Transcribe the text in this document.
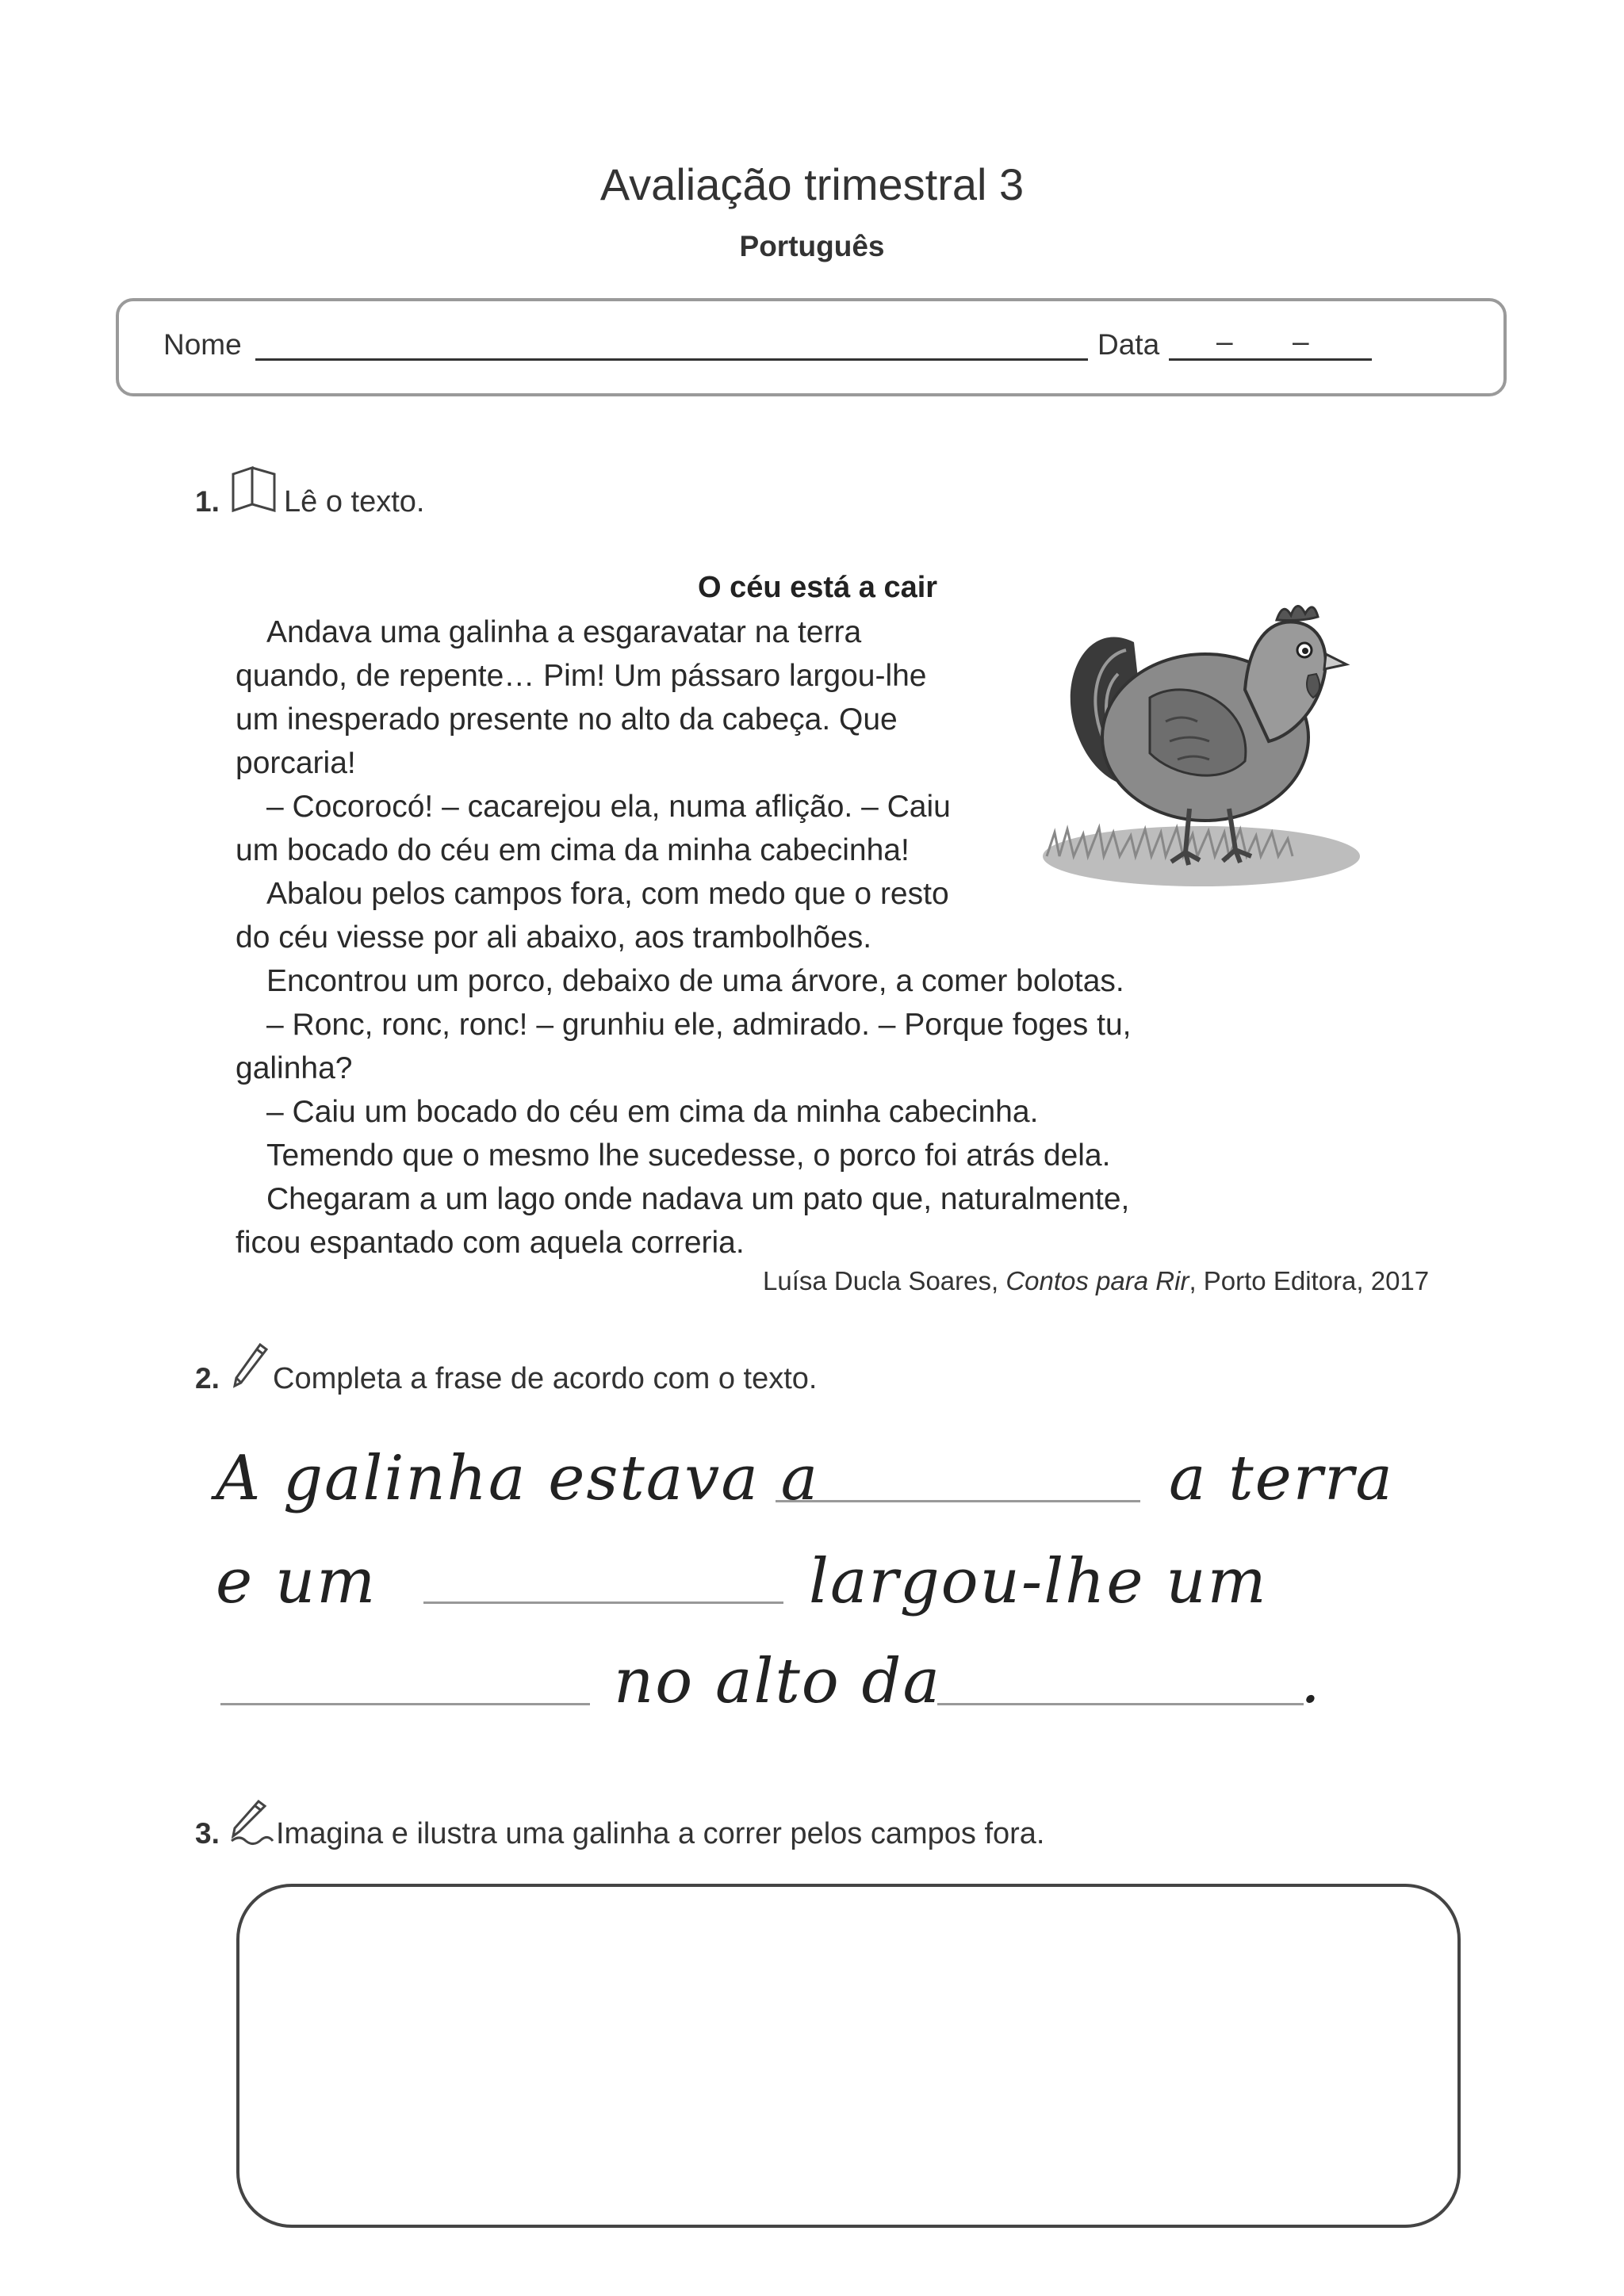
Avaliação trimestral 3
Português
Nome	Data – –
1. Lê o texto.
O céu está a cair
Andava uma galinha a esgaravatar na terra
quando, de repente… Pim! Um pássaro largou-lhe
um inesperado presente no alto da cabeça. Que
porcaria!
– Cocorocó! – cacarejou ela, numa aflição. – Caiu
um bocado do céu em cima da minha cabecinha!
Abalou pelos campos fora, com medo que o resto
do céu viesse por ali abaixo, aos trambolhões.
Encontrou um porco, debaixo de uma árvore, a comer bolotas.
– Ronc, ronc, ronc! – grunhiu ele, admirado. – Porque foges tu,
galinha?
– Caiu um bocado do céu em cima da minha cabecinha.
Temendo que o mesmo lhe sucedesse, o porco foi atrás dela.
Chegaram a um lago onde nadava um pato que, naturalmente,
ficou espantado com aquela correria.
Luísa Ducla Soares, Contos para Rir, Porto Editora, 2017
2. Completa a frase de acordo com o texto.
A galinha estava a	a terra
e um	largou-lhe um
no alto da	.
3. Imagina e ilustra uma galinha a correr pelos campos fora.
